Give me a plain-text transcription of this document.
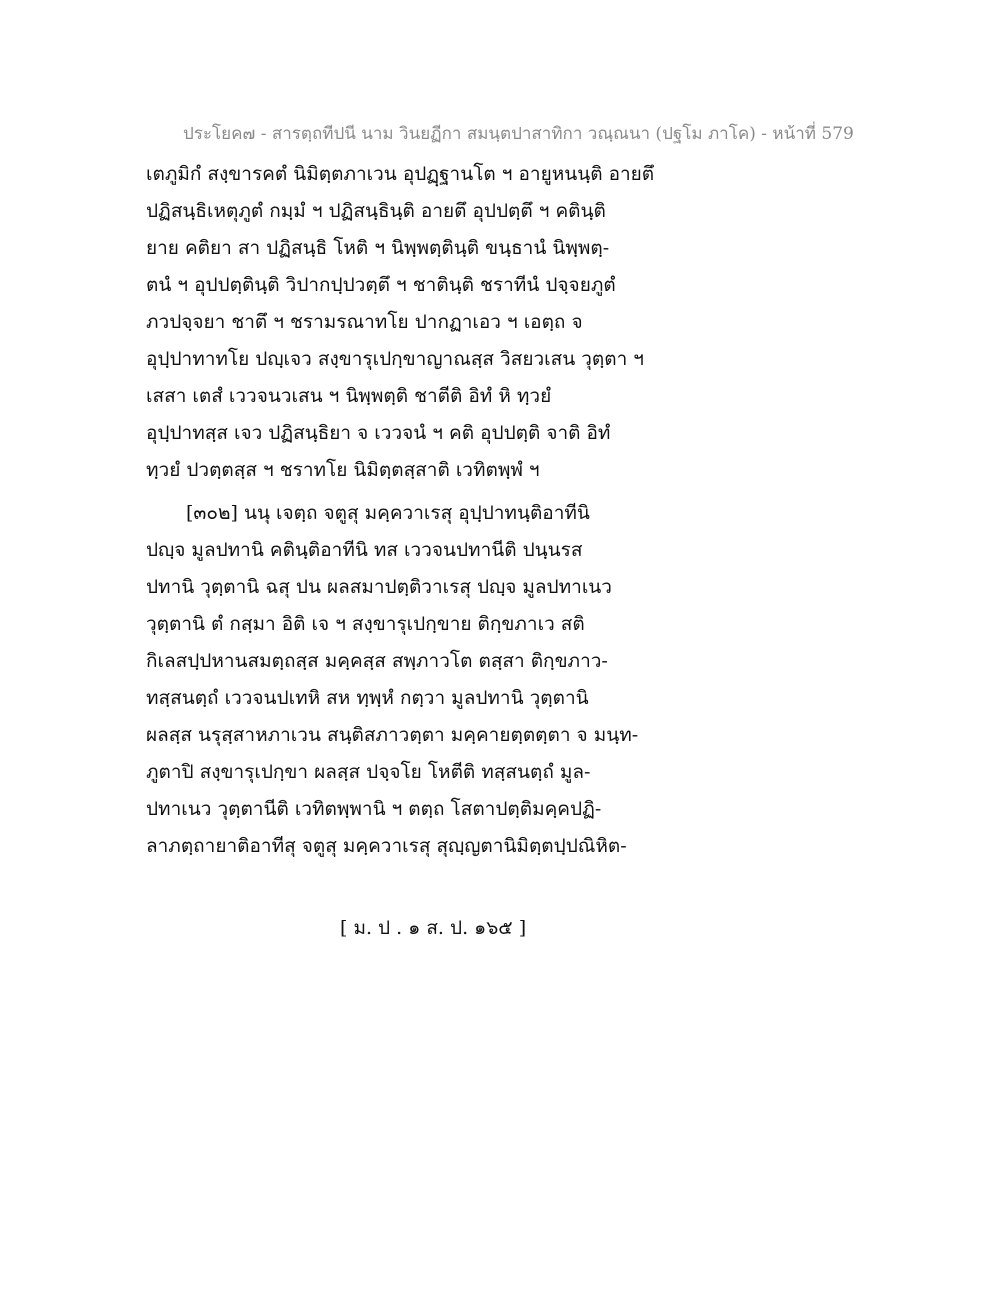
ประโยค๗ - สารตฺถทีปนี นาม วินยฏีกา สมนฺตปาสาทิกา วณฺณนา (ปฐโม ภาโค) - หน้าที่ 579
เตภูมิกํ สงฺขารคตํ นิมิตฺตภาเวน อุปฏฺฐานโต ฯ อายูหนนฺติ อายตึ
ปฏิสนฺธิเหตุภูตํ กมฺมํ ฯ ปฏิสนฺธินฺติ อายตึ อุปปตฺตึ ฯ คตินฺติ
ยาย คติยา สา ปฏิสนฺธิ โหติ ฯ นิพฺพตฺตินฺติ ขนฺธานํ นิพฺพตฺ-
ตนํ ฯ อุปปตฺตินฺติ วิปากปฺปวตฺตึ ฯ ชาตินฺติ ชราทีนํ ปจฺจยภูตํ
ภวปจฺจยา ชาตึ ฯ ชรามรณาทโย ปากฏาเอว ฯ เอตฺถ จ
อุปฺปาทาทโย ปญฺเจว สงฺขารุเปกฺขาญาณสฺส วิสยวเสน วุตฺตา ฯ
เสสา เตสํ เววจนวเสน ฯ นิพฺพตฺติ ชาตีติ อิทํ หิ ทฺวยํ
อุปฺปาทสฺส เจว ปฏิสนฺธิยา จ เววจนํ ฯ คติ อุปปตฺติ จาติ อิทํ
ทฺวยํ ปวตฺตสฺส ฯ ชราทโย นิมิตฺตสฺสาติ เวทิตพฺพํ ฯ
[๓๐๒] นนุ เจตฺถ จตูสุ มคฺควาเรสุ อุปฺปาทนฺติอาทีนิ
ปญฺจ มูลปทานิ คตินฺติอาทีนิ ทส เววจนปทานีติ ปนฺนรส
ปทานิ วุตฺตานิ ฉสุ ปน ผลสมาปตฺติวาเรสุ ปญฺจ มูลปทาเนว
วุตฺตานิ ตํ กสฺมา อิติ เจ ฯ สงฺขารุเปกฺขาย ติกฺขภาเว สติ
กิเลสปฺปหานสมตฺถสฺส มคฺคสฺส สพฺภาวโต ตสฺสา ติกฺขภาว-
ทสฺสนตฺถํ เววจนปเทหิ สห ทฺพฺหํ กตฺวา มูลปทานิ วุตฺตานิ
ผลสฺส นรุสฺสาหภาเวน สนฺติสภาวตฺตา มคฺคายตฺตตฺตา จ มนฺท-
ภูตาปิ สงฺขารุเปกฺขา ผลสฺส ปจฺจโย โหตีติ ทสฺสนตฺถํ มูล-
ปทาเนว วุตฺตานีติ เวทิตพฺพานิ ฯ ตตฺถ โสตาปตฺติมคฺคปฏิ-
ลาภตฺถายาติอาทีสุ จตูสุ มคฺควาเรสุ สุญฺญตานิมิตฺตปฺปณิหิต-
[ ม. ป . ๑ ส. ป. ๑๖๕ ]
